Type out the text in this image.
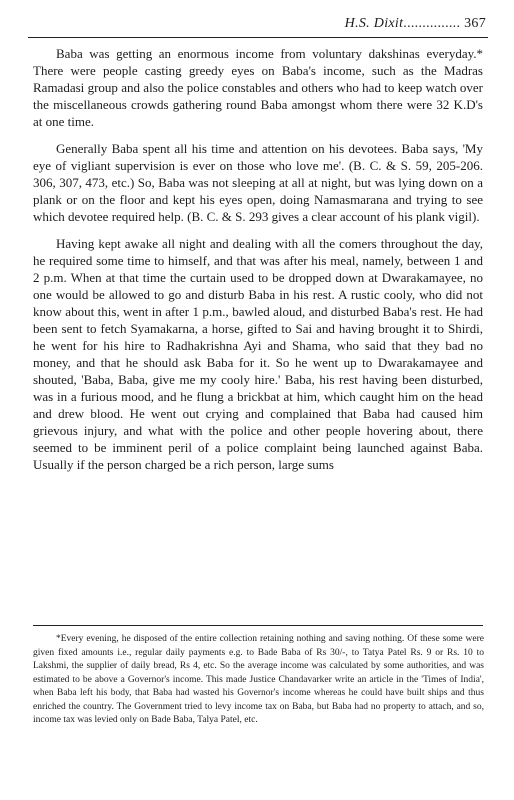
H.S. Dixit............... 367

Baba was getting an enormous income from voluntary dakshinas everyday.* There were people casting greedy eyes on Baba's income, such as the Madras Ramadasi group and also the police constables and others who had to keep watch over the miscellaneous crowds gathering round Baba amongst whom there were 32 K.D's at one time.

Generally Baba spent all his time and attention on his devotees. Baba says, 'My eye of vigliant supervision is ever on those who love me'. (B. C. & S. 59, 205-206. 306, 307, 473, etc.) So, Baba was not sleeping at all at night, but was lying down on a plank or on the floor and kept his eyes open, doing Namasmarana and trying to see which devotee required help. (B. C. & S. 293 gives a clear account of his plank vigil).

Having kept awake all night and dealing with all the comers throughout the day, he required some time to himself, and that was after his meal, namely, between 1 and 2 p.m. When at that time the curtain used to be dropped down at Dwarakamayee, no one would be allowed to go and disturb Baba in his rest. A rustic cooly, who did not know about this, went in after 1 p.m., bawled aloud, and disturbed Baba's rest. He had been sent to fetch Syamakarna, a horse, gifted to Sai and having brought it to Shirdi, he went for his hire to Radhakrishna Ayi and Shama, who said that they bad no money, and that he should ask Baba for it. So he went up to Dwarakamayee and shouted, 'Baba, Baba, give me my cooly hire.' Baba, his rest having been disturbed, was in a furious mood, and he flung a brickbat at him, which caught him on the head and drew blood. He went out crying and complained that Baba had caused him grievous injury, and what with the police and other people hovering about, there seemed to be imminent peril of a police complaint being launched against Baba. Usually if the person charged be a rich person, large sums

*Every evening, he disposed of the entire collection retaining nothing and saving nothing. Of these some were given fixed amounts i.e., regular daily payments e.g. to Bade Baba of Rs 30/-, to Tatya Patel Rs. 9 or Rs. 10 to Lakshmi, the supplier of daily bread, Rs 4, etc. So the average income was calculated by some authorities, and was estimated to be above a Governor's income. This made Justice Chandavarker write an article in the 'Times of India', when Baba left his body, that Baba had wasted his Governor's income whereas he could have built ships and thus enriched the country. The Government tried to levy income tax on Baba, but Baba had no property to attach, and so, income tax was levied only on Bade Baba, Talya Patel, etc.
